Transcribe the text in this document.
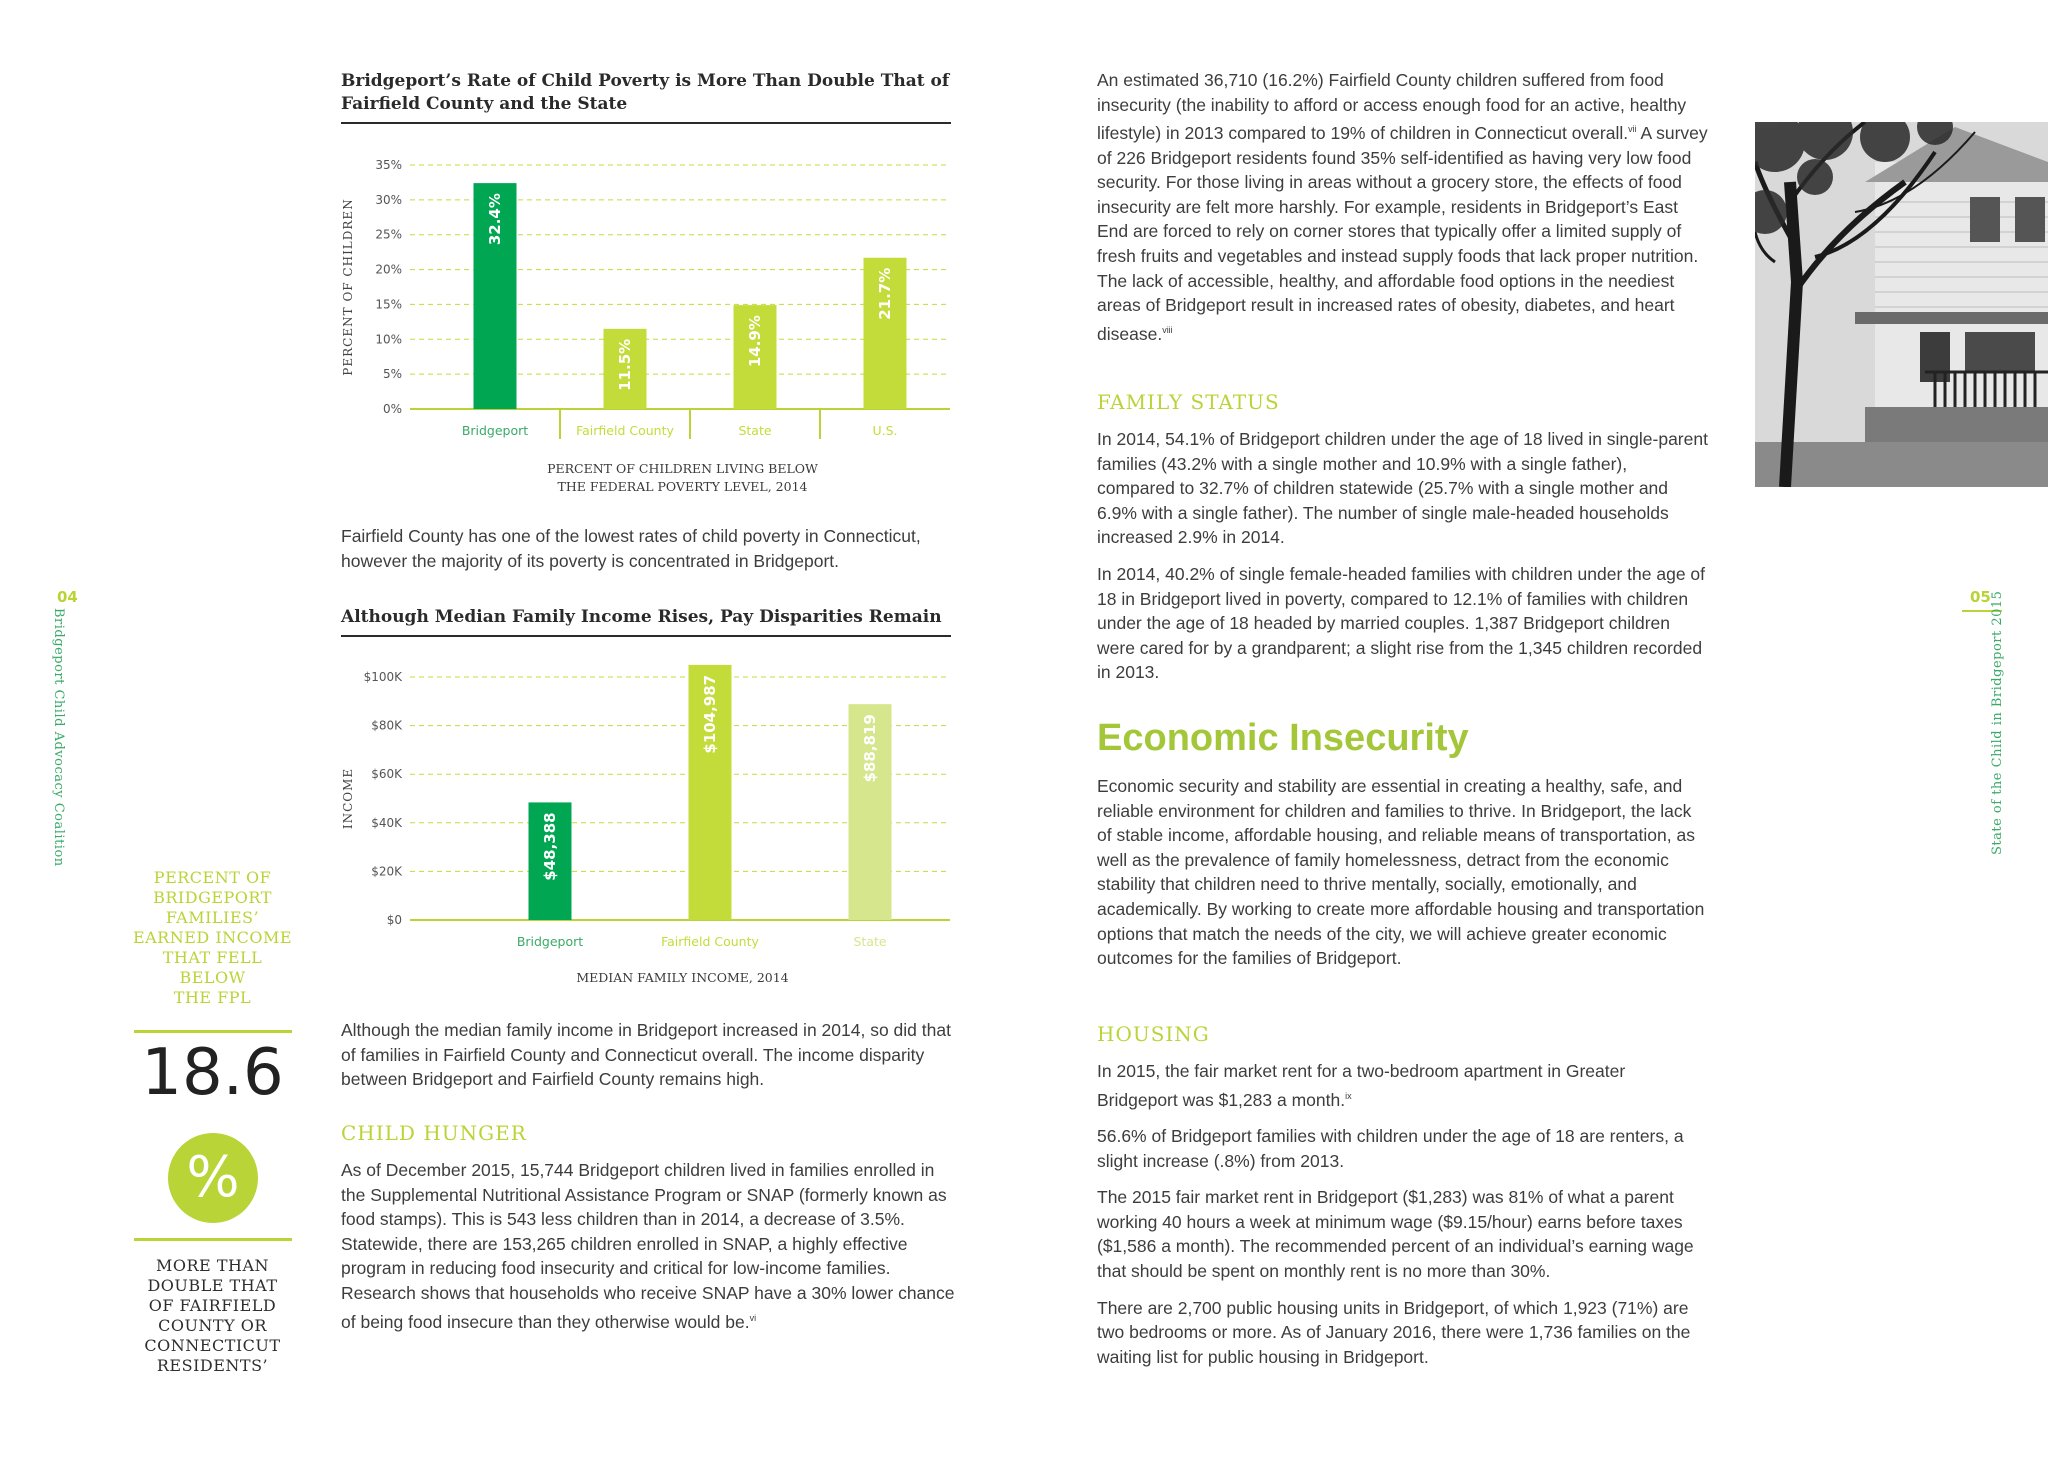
04
Bridgeport Child Advocacy Coalition
Bridgeport’s Rate of Child Poverty is More Than Double That of Fairfield County and the State
0%
5%
10%
15%
20%
25%
30%
35%
PERCENT OF CHILDREN	32.4%
Bridgeport
11.5%
Fairfield County
14.9%
State
21.7%
U.S.
PERCENT OF CHILDREN LIVING BELOW
THE FEDERAL POVERTY LEVEL, 2014
Fairfield County has one of the lowest rates of child poverty in Connecticut, however the majority of its poverty is concentrated in Bridgeport.
Although Median Family Income Rises, Pay Disparities Remain
$0
$20K
$40K
$60K
$80K
$100K
INCOME
$48,388
Bridgeport
$104,987
Fairfield County
$88,819
State
MEDIAN FAMILY INCOME, 2014
Although the median family income in Bridgeport increased in 2014, so did that of families in Fairfield County and Connecticut overall. The income disparity between Bridgeport and Fairfield County remains high.
CHILD HUNGER
As of December 2015, 15,744 Bridgeport children lived in families enrolled in the Supplemental Nutritional Assistance Program or SNAP (formerly known as food stamps). This is 543 less children than in 2014, a decrease of 3.5%. Statewide, there are 153,265 children enrolled in SNAP, a highly effective program in reducing food insecurity and critical for low-income families. Research shows that households who receive SNAP have a 30% lower chance of being food insecure than they otherwise would be.$^{vi}$
PERCENT OF
BRIDGEPORT
FAMILIES’
EARNED INCOME
THAT FELL
BELOW
THE FPL
18.6
%
MORE THAN
DOUBLE THAT
OF FAIRFIELD
COUNTY OR
CONNECTICUT
RESIDENTS’
An estimated 36,710 (16.2%) Fairfield County children suffered from food insecurity (the inability to afford or access enough food for an active, healthy lifestyle) in 2013 compared to 19% of children in Connecticut overall.$^{vii}$ A survey of 226 Bridgeport residents found 35% self-identified as having very low food security. For those living in areas without a grocery store, the effects of food insecurity are felt more harshly. For example, residents in Bridgeport’s East End are forced to rely on corner stores that typically offer a limited supply of fresh fruits and vegetables and instead supply foods that lack proper nutrition. The lack of accessible, healthy, and affordable food options in the neediest areas of Bridgeport result in increased rates of obesity, diabetes, and heart disease.$^{viii}$
FAMILY STATUS

In 2014, 54.1% of Bridgeport children under the age of 18 lived in single-parent families (43.2% with a single mother and 10.9% with a single father), compared to 32.7% of children statewide (25.7% with a single mother and 6.9% with a single father). The number of single male-headed households increased 2.9% in 2014.

In 2014, 40.2% of single female-headed families with children under the age of 18 in Bridgeport lived in poverty, compared to 12.1% of families with children under the age of 18 headed by married couples. 1,387 Bridgeport children were cared for by a grandparent; a slight rise from the 1,345 children recorded in 2013.

Economic Insecurity
Economic security and stability are essential in creating a healthy, safe, and reliable environment for children and families to thrive. In Bridgeport, the lack of stable income, affordable housing, and reliable means of transportation, as well as the prevalence of family homelessness, detract from the economic stability that children need to thrive mentally, socially, emotionally, and academically. By working to create more affordable housing and transportation options that match the needs of the city, we will achieve greater economic outcomes for the families of Bridgeport.
HOUSING

In 2015, the fair market rent for a two-bedroom apartment in Greater Bridgeport was $1,283 a month.$^{ix}$

56.6% of Bridgeport families with children under the age of 18 are renters, a slight increase (.8%) from 2013.

The 2015 fair market rent in Bridgeport ($1,283) was 81% of what a parent working 40 hours a week at minimum wage ($9.15/hour) earns before taxes ($1,586 a month). The recommended percent of an individual’s earning wage that should be spent on monthly rent is no more than 30%.

There are 2,700 public housing units in Bridgeport, of which 1,923 (71%) are two bedrooms or more. As of January 2016, there were 1,736 families on the waiting list for public housing in Bridgeport.

05 State of the Child in Bridgeport 2015
